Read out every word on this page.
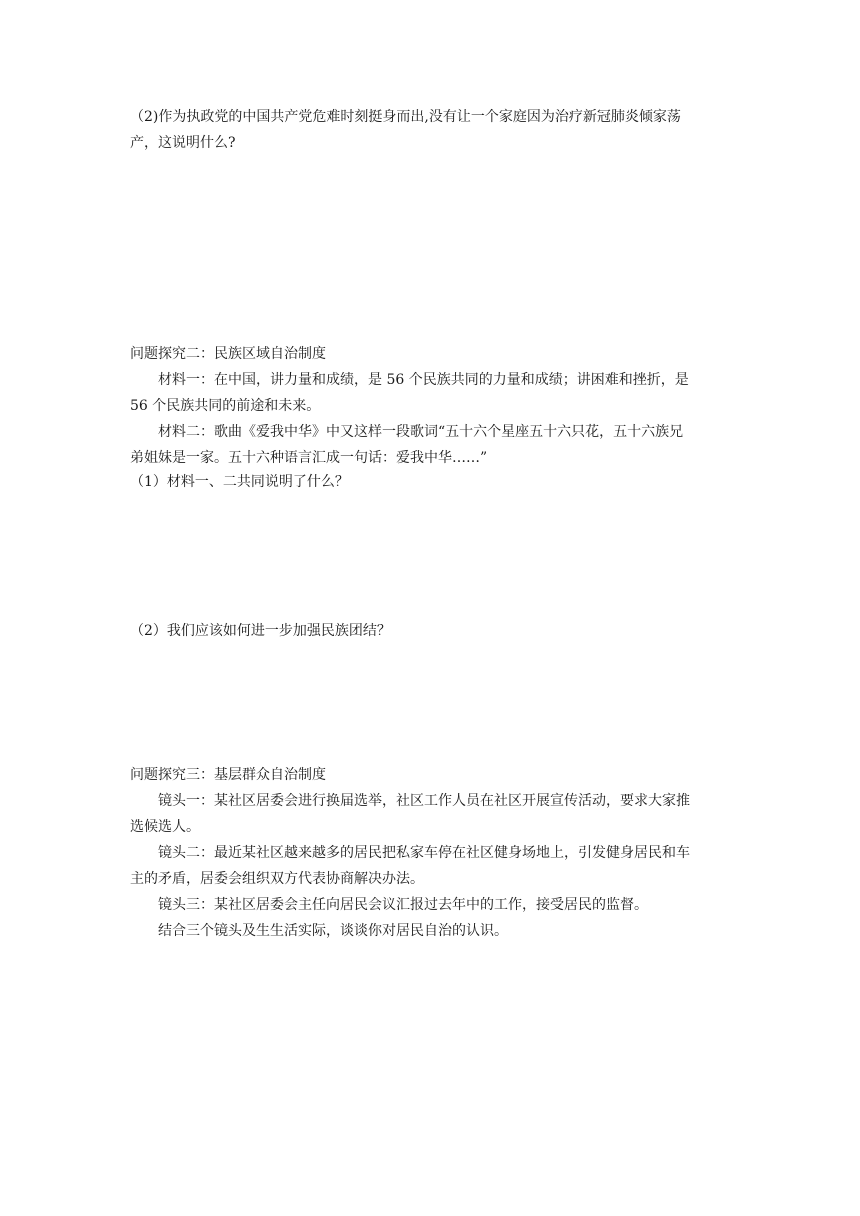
（2)作为执政党的中国共产党危难时刻挺身而出,没有让一个家庭因为治疗新冠肺炎倾家荡

产，这说明什么?

问题探究二：民族区域自治制度

材料一：在中国，讲力量和成绩，是 56 个民族共同的力量和成绩；讲困难和挫折，是

56 个民族共同的前途和未来。

材料二：歌曲《爱我中华》中又这样一段歌词“五十六个星座五十六只花，五十六族兄

弟姐妹是一家。五十六种语言汇成一句话：爱我中华……”

（1）材料一、二共同说明了什么？

（2）我们应该如何进一步加强民族团结？

问题探究三：基层群众自治制度

镜头一：某社区居委会进行换届选举，社区工作人员在社区开展宣传活动，要求大家推

选候选人。

镜头二：最近某社区越来越多的居民把私家车停在社区健身场地上，引发健身居民和车

主的矛盾，居委会组织双方代表协商解决办法。

镜头三：某社区居委会主任向居民会议汇报过去年中的工作，接受居民的监督。

结合三个镜头及生生活实际，谈谈你对居民自治的认识。
